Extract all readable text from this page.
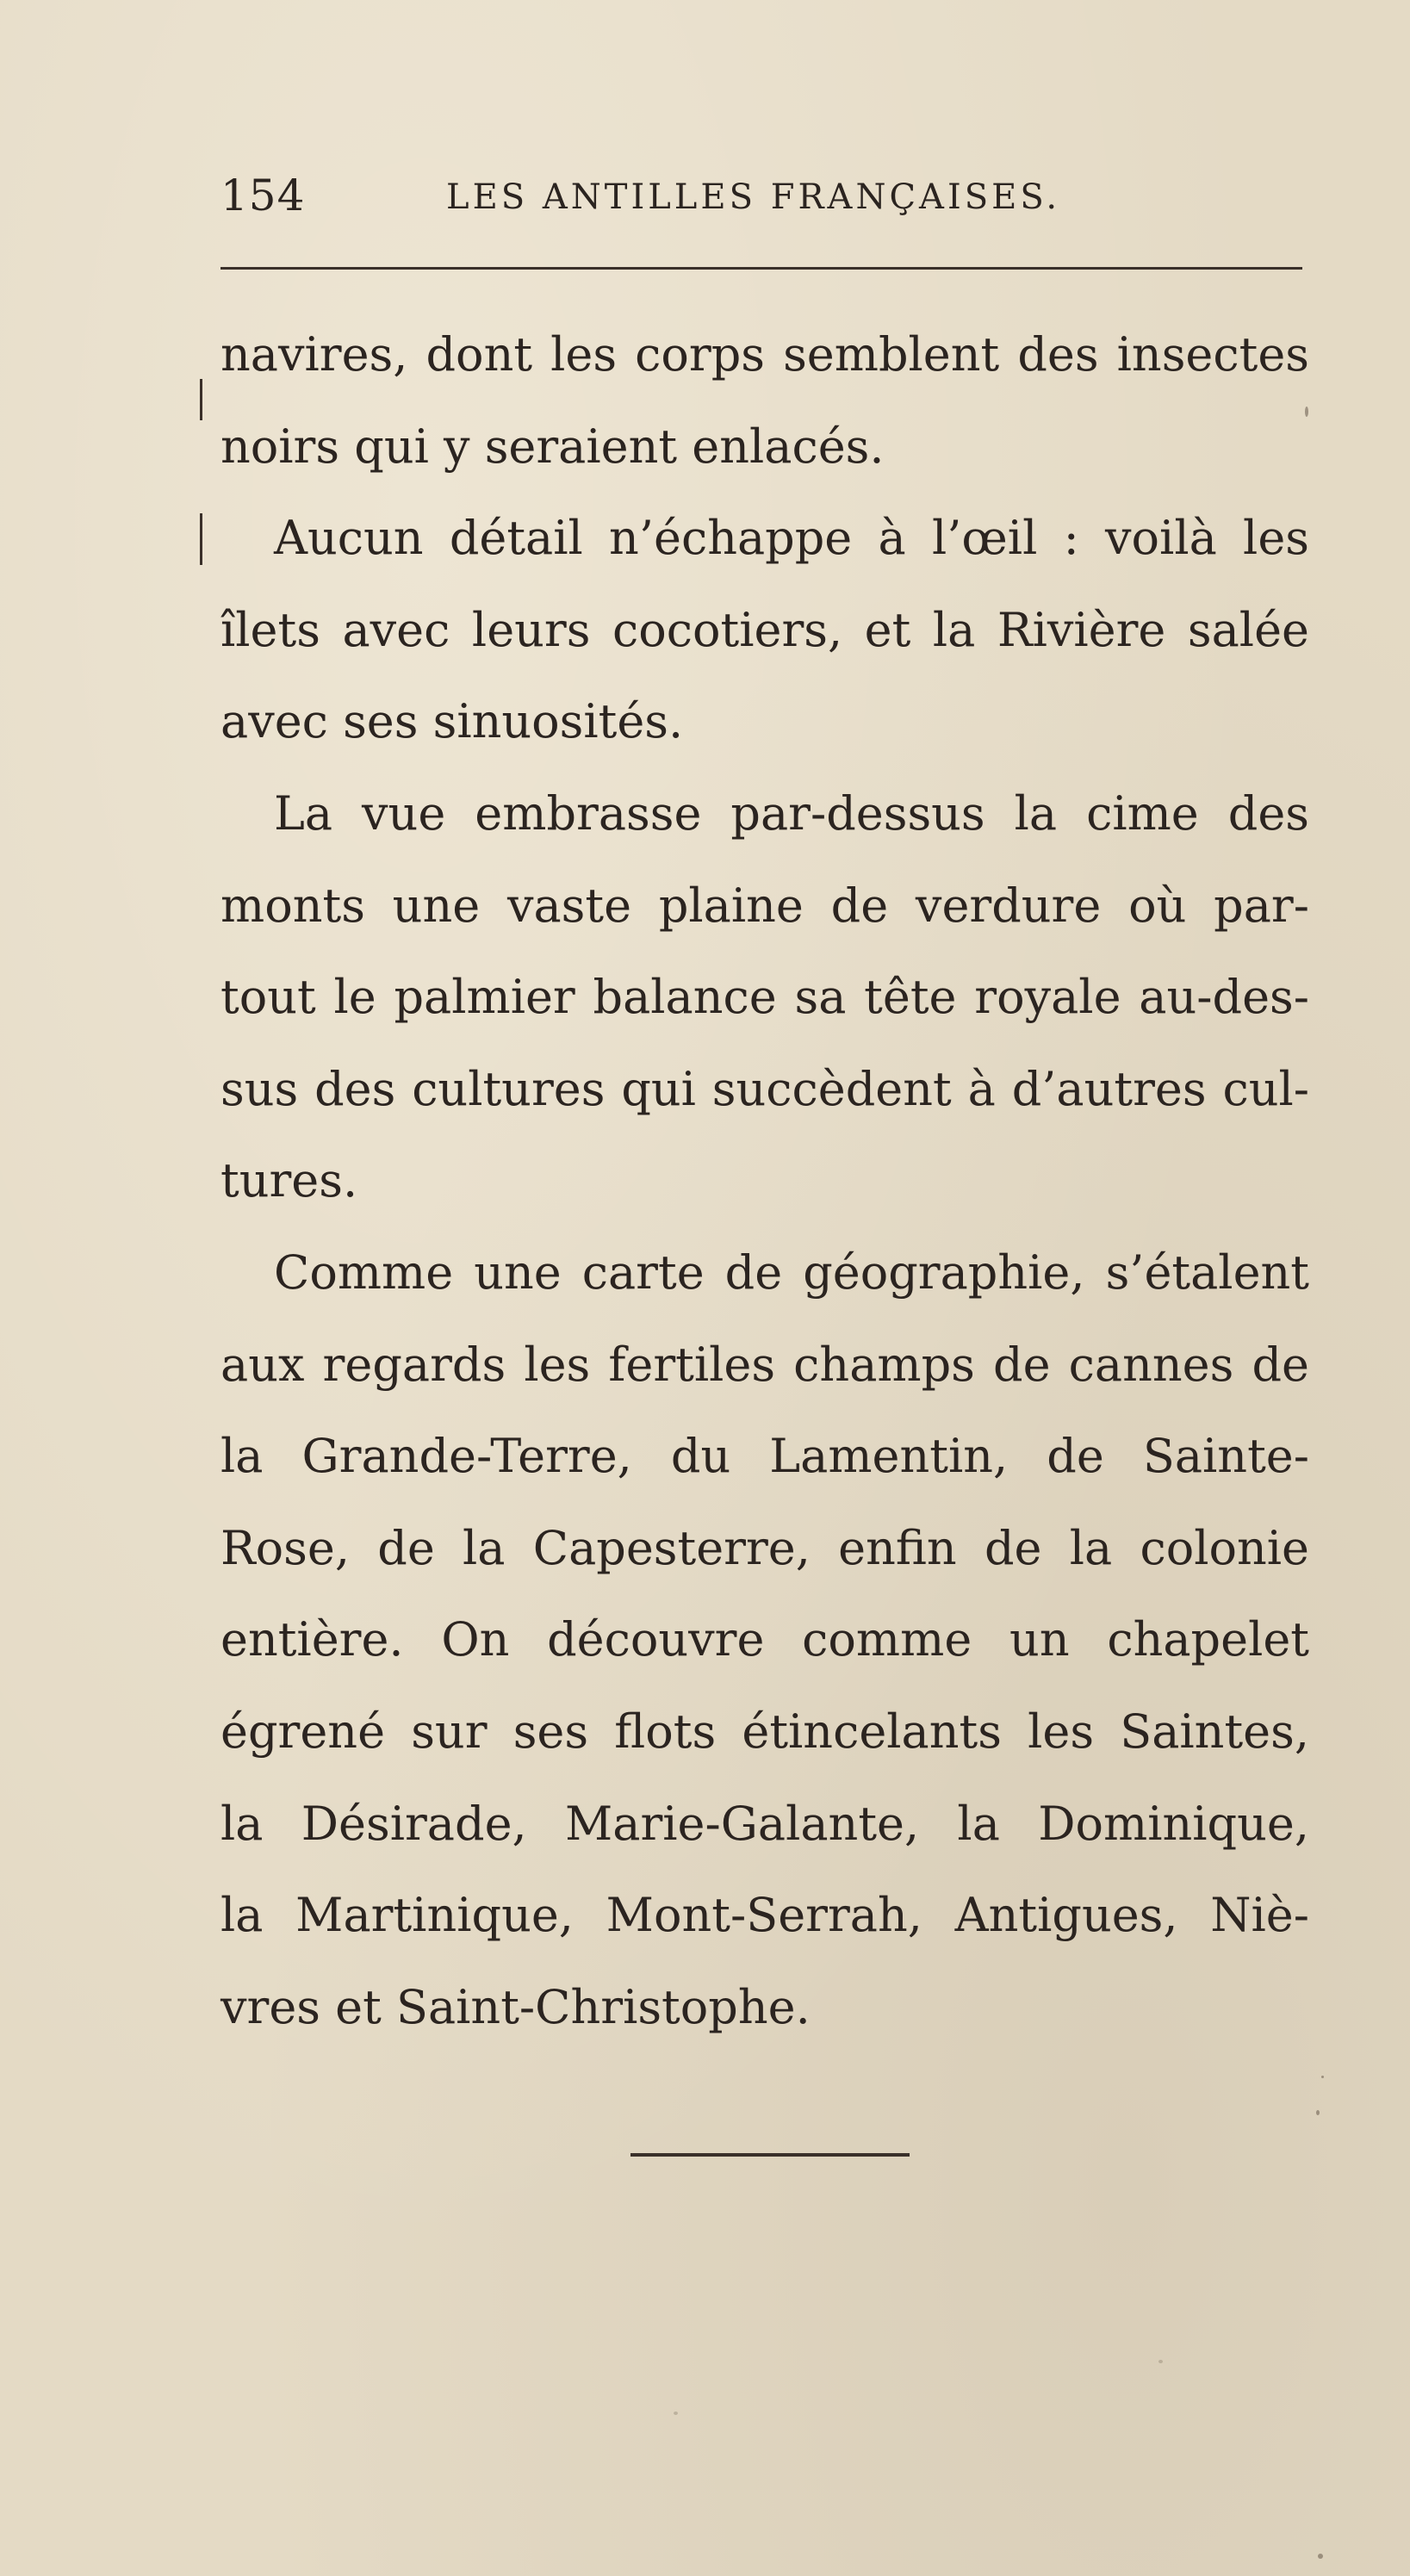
154	LES ANTILLES FRANÇAISES.
navires, dont les corps semblent des insectes
noirs qui y seraient enlacés.
Aucun détail n’échappe à l’œil : voilà les
îlets avec leurs cocotiers, et la Rivière salée
avec ses sinuosités.
La vue embrasse par-dessus la cime des
monts une vaste plaine de verdure où par-
tout le palmier balance sa tête royale au-des-
sus des cultures qui succèdent à d’autres cul-
tures.
Comme une carte de géographie, s’étalent
aux regards les fertiles champs de cannes de
la Grande-Terre, du Lamentin, de Sainte-
Rose, de la Capesterre, enfin de la colonie
entière. On découvre comme un chapelet
égrené sur ses flots étincelants les Saintes,
la Désirade, Marie-Galante, la Dominique,
la Martinique, Mont-Serrah, Antigues, Niè-
vres et Saint-Christophe.
